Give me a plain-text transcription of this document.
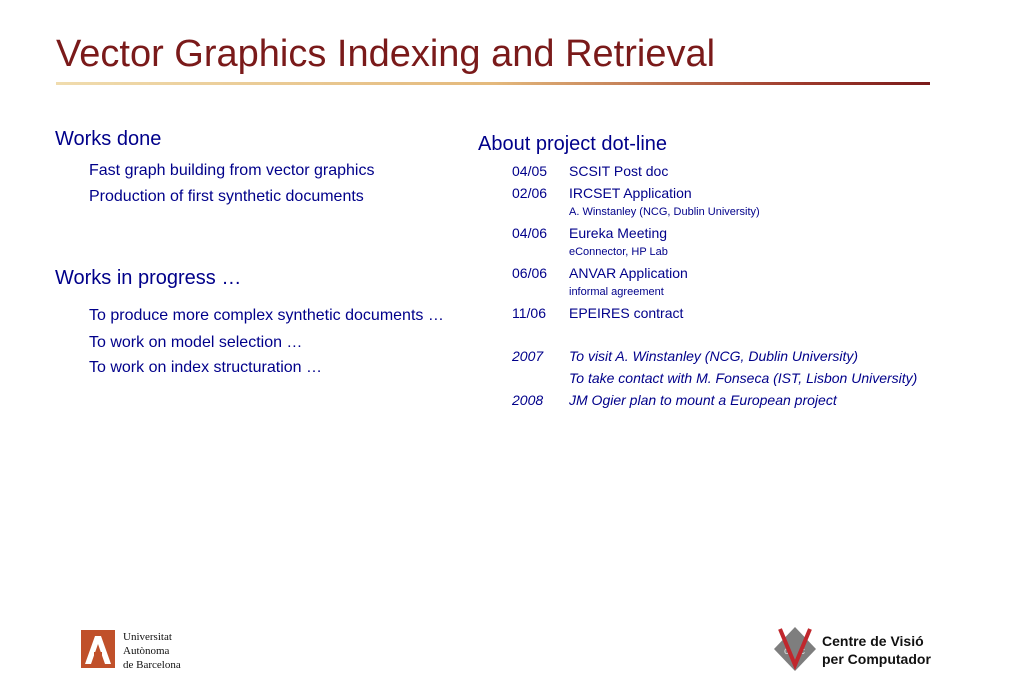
Vector Graphics Indexing and Retrieval
Works done
Fast graph building from vector graphics
Production of first synthetic documents
Works in progress …
To produce more complex synthetic documents …
To work on model selection …
To work on index structuration …
About project dot-line
04/05 SCSIT Post doc
02/06 IRCSET Application
A. Winstanley (NCG, Dublin University)
04/06 Eureka Meeting
eConnector, HP Lab
06/06 ANVAR Application
informal agreement
11/06 EPEIRES contract
2007 To visit A. Winstanley (NCG, Dublin University)
To take contact with M. Fonseca (IST, Lisbon University)
2008 JM Ogier plan to mount a European project
Universitat
Autònoma
de Barcelona
c c
Centre de Visió
per Computador
